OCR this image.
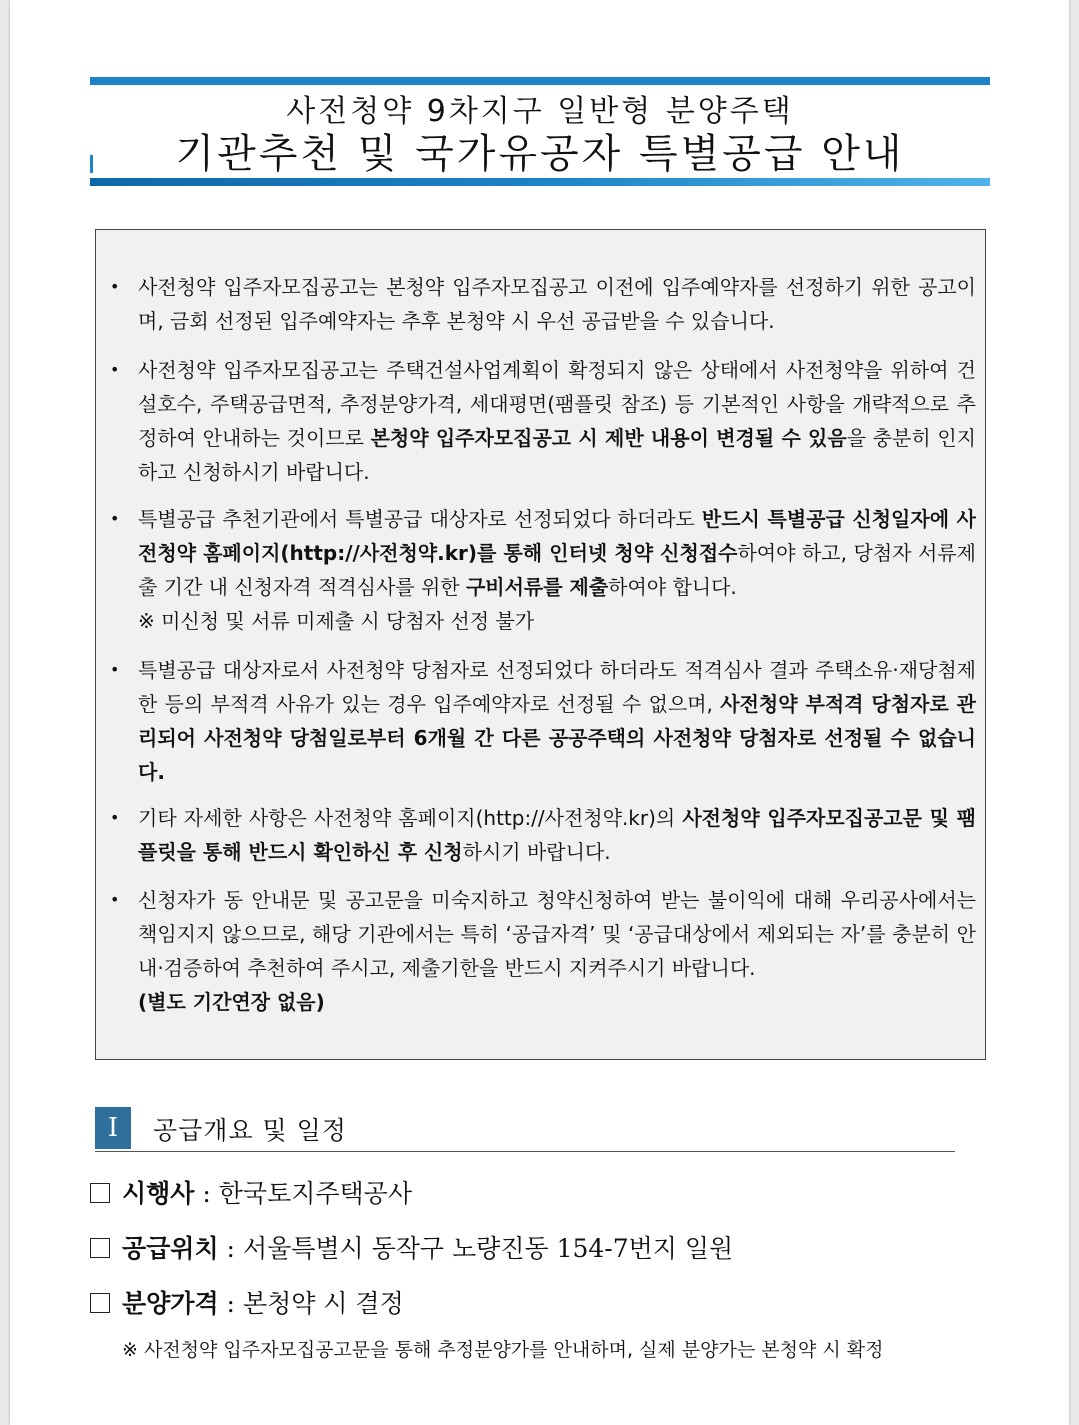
사전청약 9차지구 일반형 분양주택
기관추천 및 국가유공자 특별공급 안내
• 사전청약 입주자모집공고는 본청약 입주자모집공고 이전에 입주예약자를 선정하기 위한 공고이며, 금회 선정된 입주예약자는 추후 본청약 시 우선 공급받을 수 있습니다.
• 사전청약 입주자모집공고는 주택건설사업계획이 확정되지 않은 상태에서 사전청약을 위하여 건설호수, 주택공급면적, 추정분양가격, 세대평면(팸플릿 참조) 등 기본적인 사항을 개략적으로 추정하여 안내하는 것이므로 본청약 입주자모집공고 시 제반 내용이 변경될 수 있음을 충분히 인지하고 신청하시기 바랍니다.
• 특별공급 추천기관에서 특별공급 대상자로 선정되었다 하더라도 반드시 특별공급 신청일자에 사전청약 홈페이지(http://사전청약.kr)를 통해 인터넷 청약 신청접수하여야 하고, 당첨자 서류제출 기간 내 신청자격 적격심사를 위한 구비서류를 제출하여야 합니다.
※ 미신청 및 서류 미제출 시 당첨자 선정 불가
• 특별공급 대상자로서 사전청약 당첨자로 선정되었다 하더라도 적격심사 결과 주택소유·재당첨제한 등의 부적격 사유가 있는 경우 입주예약자로 선정될 수 없으며, 사전청약 부적격 당첨자로 관리되어 사전청약 당첨일로부터 6개월 간 다른 공공주택의 사전청약 당첨자로 선정될 수 없습니다.
• 기타 자세한 사항은 사전청약 홈페이지(http://사전청약.kr)의 사전청약 입주자모집공고문 및 팸플릿을 통해 반드시 확인하신 후 신청하시기 바랍니다.
• 신청자가 동 안내문 및 공고문을 미숙지하고 청약신청하여 받는 불이익에 대해 우리공사에서는 책임지지 않으므로, 해당 기관에서는 특히 ‘공급자격’ 및 ‘공급대상에서 제외되는 자’를 충분히 안내·검증하여 추천하여 주시고, 제출기한을 반드시 지켜주시기 바랍니다.
(별도 기간연장 없음)
I	공급개요 및 일정
시행사 : 한국토지주택공사
공급위치 : 서울특별시 동작구 노량진동 154-7번지 일원
분양가격 : 본청약 시 결정
※ 사전청약 입주자모집공고문을 통해 추정분양가를 안내하며, 실제 분양가는 본청약 시 확정
